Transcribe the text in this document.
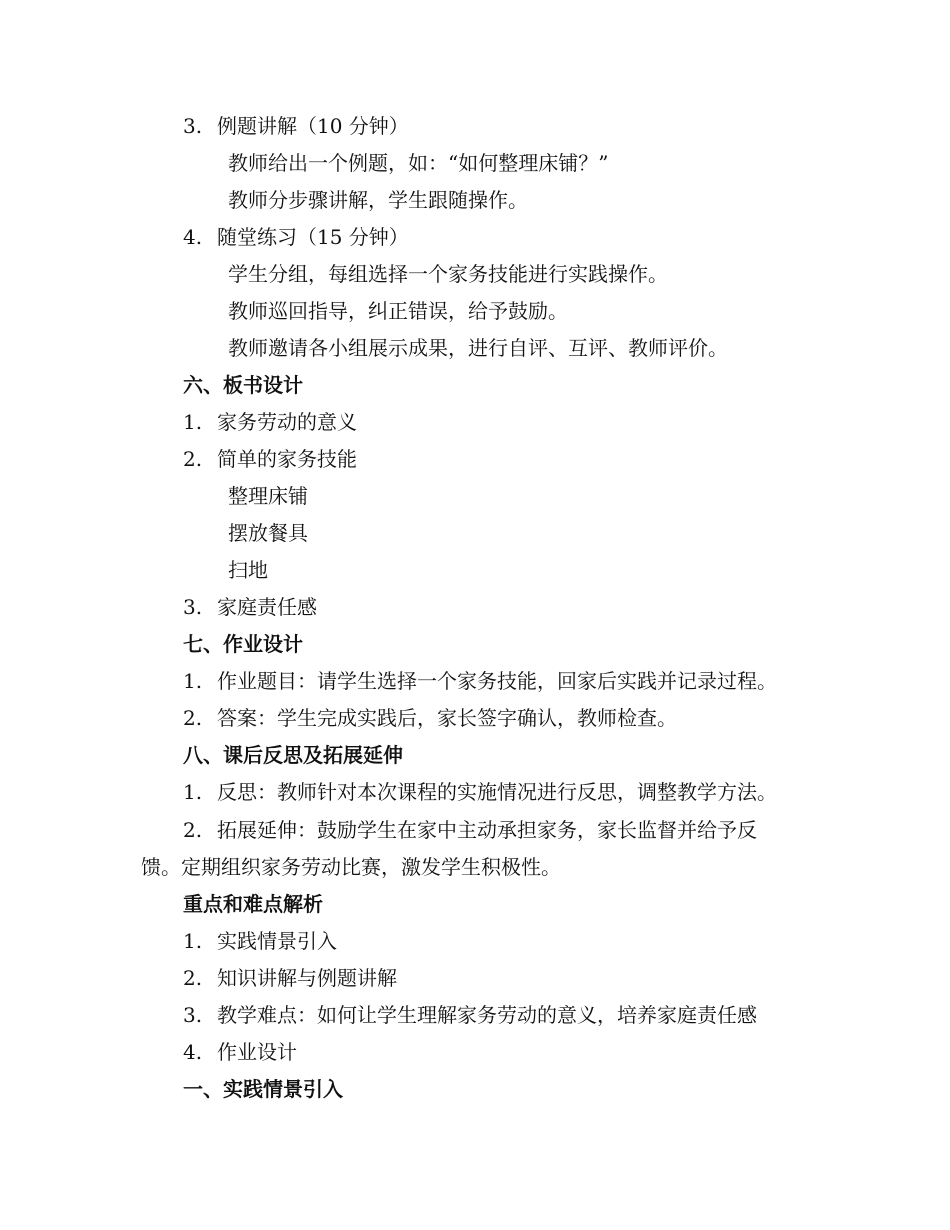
3. 例题讲解（10 分钟）
教师给出一个例题，如：“如何整理床铺？”
教师分步骤讲解，学生跟随操作。
4. 随堂练习（15 分钟）
学生分组，每组选择一个家务技能进行实践操作。
教师巡回指导，纠正错误，给予鼓励。
教师邀请各小组展示成果，进行自评、互评、教师评价。
六、板书设计
1. 家务劳动的意义
2. 简单的家务技能
整理床铺
摆放餐具
扫地
3. 家庭责任感
七、作业设计
1. 作业题目：请学生选择一个家务技能，回家后实践并记录过程。
2. 答案：学生完成实践后，家长签字确认，教师检查。
八、课后反思及拓展延伸
1. 反思：教师针对本次课程的实施情况进行反思，调整教学方法。
2. 拓展延伸：鼓励学生在家中主动承担家务，家长监督并给予反
馈。定期组织家务劳动比赛，激发学生积极性。
重点和难点解析
1. 实践情景引入
2. 知识讲解与例题讲解
3. 教学难点：如何让学生理解家务劳动的意义，培养家庭责任感
4. 作业设计
一、实践情景引入
